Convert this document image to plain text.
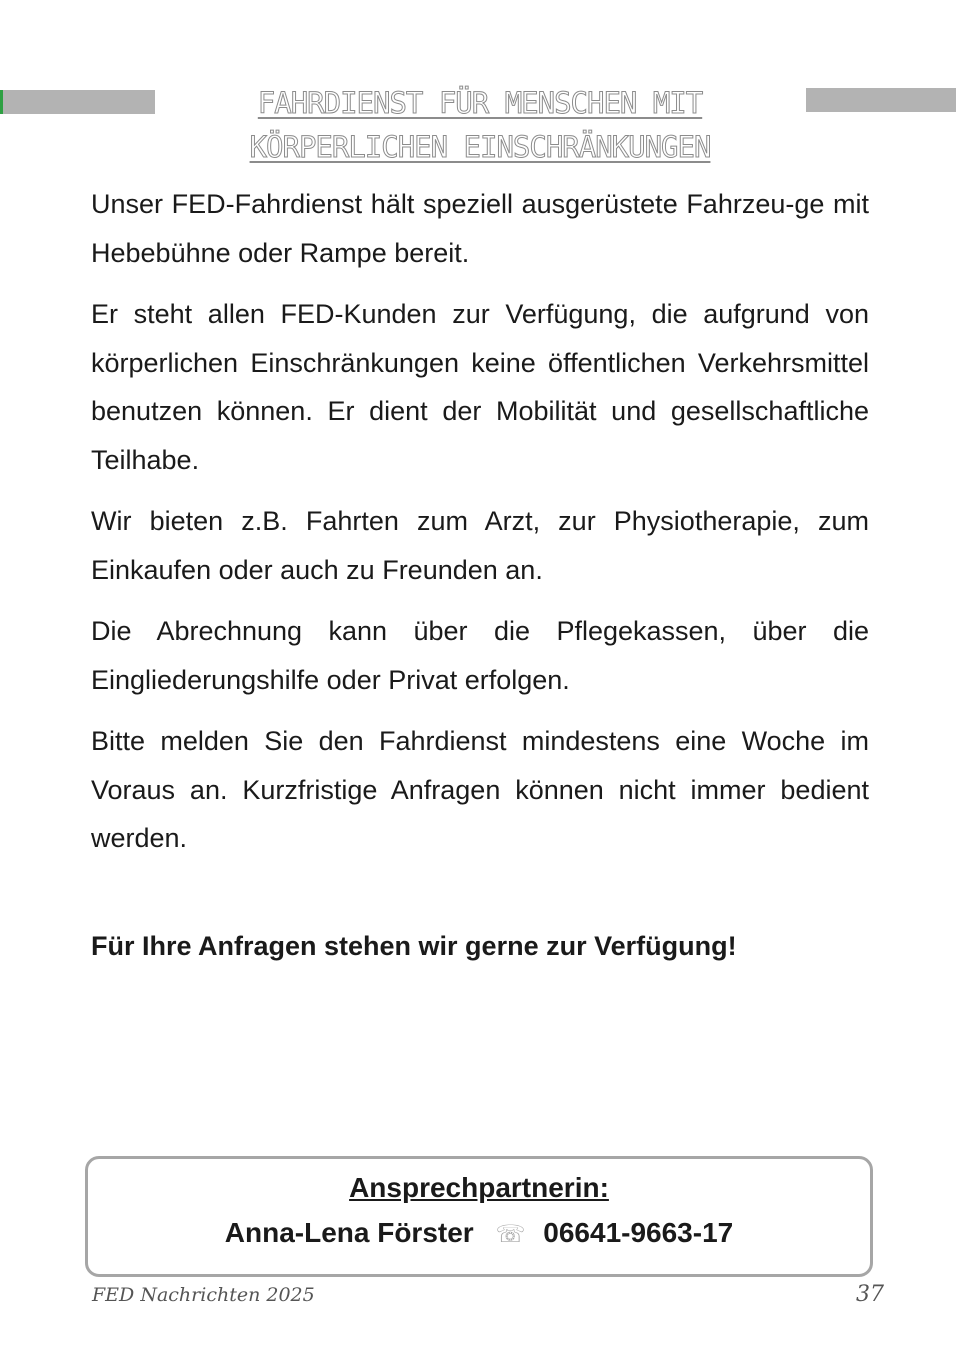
FAHRDIENST FÜR MENSCHEN MIT
KÖRPERLICHEN EINSCHRÄNKUNGEN

Unser FED-Fahrdienst hält speziell ausgerüstete Fahrzeu-ge mit Hebebühne oder Rampe bereit.

Er steht allen FED-Kunden zur Verfügung, die aufgrund von körperlichen Einschränkungen keine öffentlichen Verkehrsmittel benutzen können. Er dient der Mobilität und gesellschaftliche Teilhabe.

Wir bieten z.B. Fahrten zum Arzt, zur Physiotherapie, zum Einkaufen oder auch zu Freunden an.

Die Abrechnung kann über die Pflegekassen, über die Eingliederungshilfe oder Privat erfolgen.

Bitte melden Sie den Fahrdienst mindestens eine Woche im Voraus an. Kurzfristige Anfragen können nicht immer bedient werden.

Für Ihre Anfragen stehen wir gerne zur Verfügung!
Ansprechpartnerin:
Anna-Lena Förster ☏ 06641-9663-17
FED Nachrichten 2025	37
